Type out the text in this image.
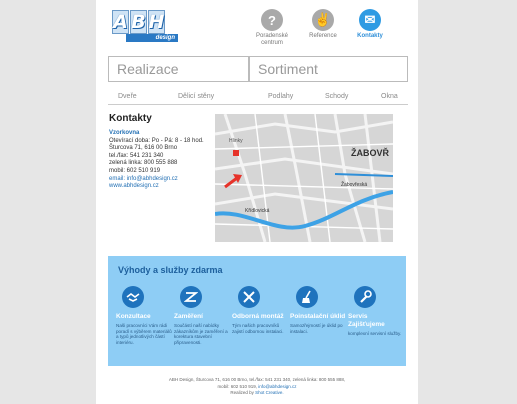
A B H
design
?
Poradenské centrum
✌
Reference
✉
Kontakty
Realizace	Sortiment
Dveře	Dělicí stěny	Podlahy	Schody	Okna
Kontakty
Vzorkovna
Otevírací doba: Po - Pá: 8 - 18 hod.
Šturcova 71, 616 00 Brno
tel./fax: 541 231 340
zelená linka: 800 555 888
mobil: 602 510 919
email: info@abhdesign.cz
www.abhdesign.cz
ŽABOVŘ
Hlinky
Křídlovická
Žabovřeská
Výhody a služby zdarma
Konzultace
Naši pracovníci Vám rádi poradí s výběrem materiálů a typů jednotlivých částí interiéru.
Zaměření
Součástí naší nabídky zákazníkům je zaměření a korektura stavební připravenosti.
Odborná montáž
Tým našich pracovníků zajistí odbornou instalaci.
Poinstalační úklid
Samozřejmostí je úklid po instalaci.
Servis Zajišťujeme
komplexní servisní služby.
ABH Design, Šturcova 71, 616 00 Brno, tel./fax: 541 231 340, zelená linka: 800 555 888,
mobil: 602 510 919, info@abhdesign.cz
Realized by Shot Creative.
